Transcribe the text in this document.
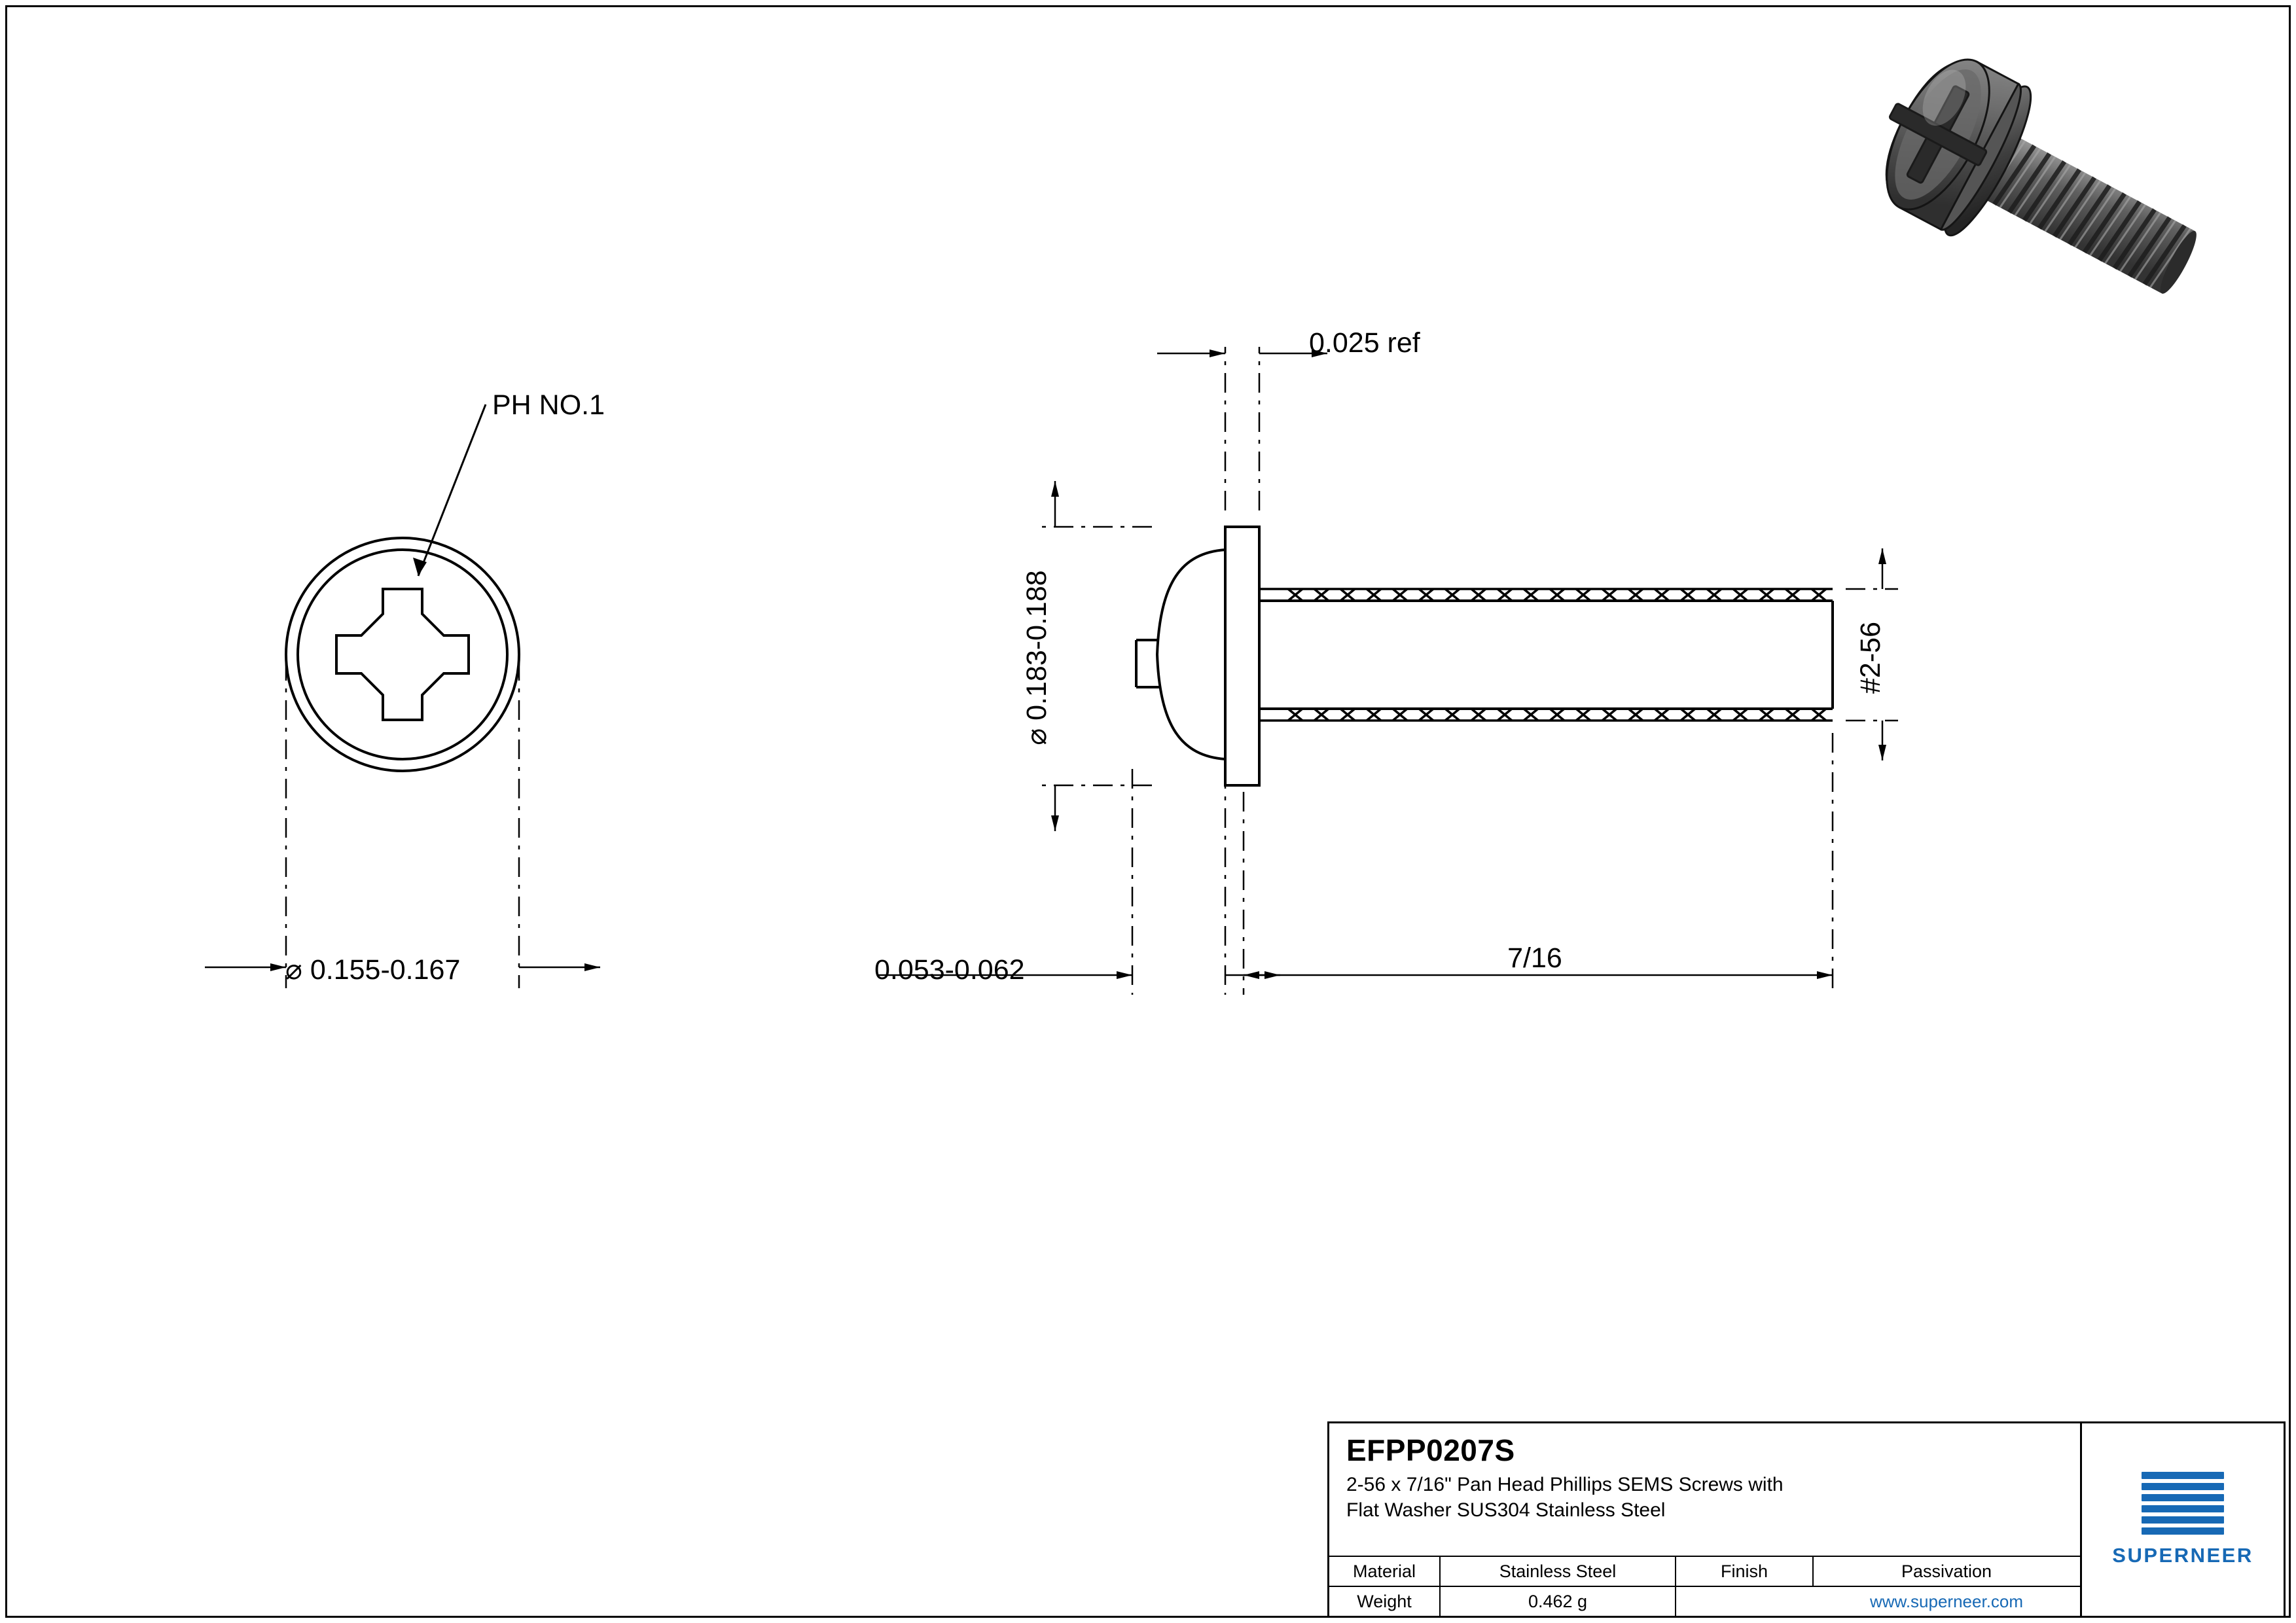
PH NO.1
⌀ 0.155-0.167
0.025 ref
⌀ 0.183-0.188	#2-56
0.053-0.062	7/16
EFPP0207S
2-56 x 7/16" Pan Head Phillips SEMS Screws with
Flat Washer SUS304 Stainless Steel
Material	Stainless Steel	Finish	Passivation
Weight	0.462 g	www.superneer.com
SUPERNEER
